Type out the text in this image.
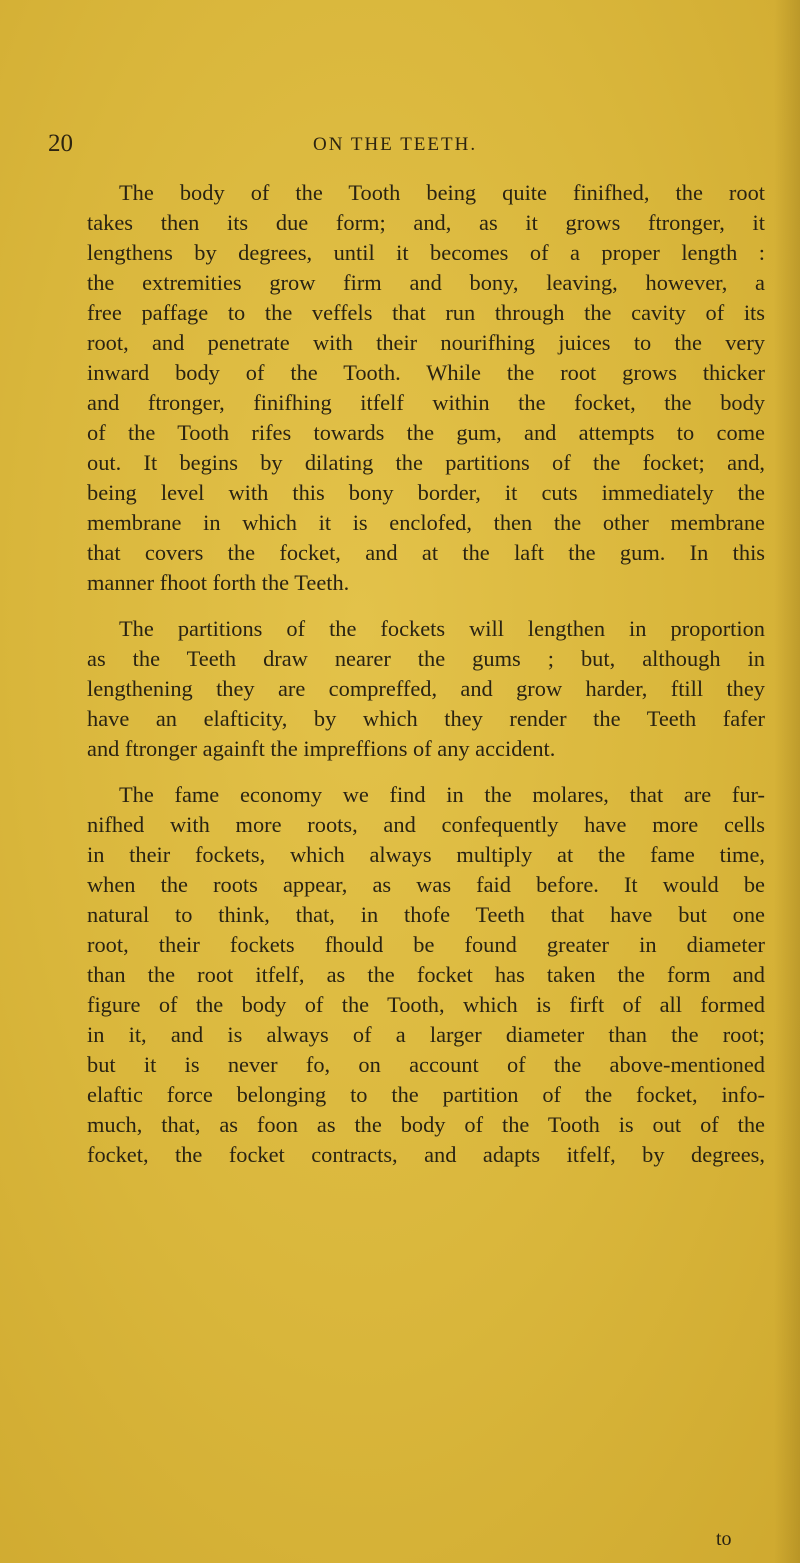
20	ON THE TEETH.
The body of the Tooth being quite finifhed, the root
takes then its due form; and, as it grows ftronger, it
lengthens by degrees, until it becomes of a proper length :
the extremities grow firm and bony, leaving, however, a
free paffage to the veffels that run through the cavity of its
root, and penetrate with their nourifhing juices to the very
inward body of the Tooth. While the root grows thicker
and ftronger, finifhing itfelf within the focket, the body
of the Tooth rifes towards the gum, and attempts to come
out. It begins by dilating the partitions of the focket; and,
being level with this bony border, it cuts immediately the
membrane in which it is enclofed, then the other membrane
that covers the focket, and at the laft the gum. In this
manner fhoot forth the Teeth.
The partitions of the fockets will lengthen in proportion
as the Teeth draw nearer the gums ; but, although in
lengthening they are compreffed, and grow harder, ftill they
have an elafticity, by which they render the Teeth fafer
and ftronger againft the impreffions of any accident.
The fame economy we find in the molares, that are fur-
nifhed with more roots, and confequently have more cells
in their fockets, which always multiply at the fame time,
when the roots appear, as was faid before. It would be
natural to think, that, in thofe Teeth that have but one
root, their fockets fhould be found greater in diameter
than the root itfelf, as the focket has taken the form and
figure of the body of the Tooth, which is firft of all formed
in it, and is always of a larger diameter than the root;
but it is never fo, on account of the above-mentioned
elaftic force belonging to the partition of the focket, info-
much, that, as foon as the body of the Tooth is out of the
focket, the focket contracts, and adapts itfelf, by degrees,
to
